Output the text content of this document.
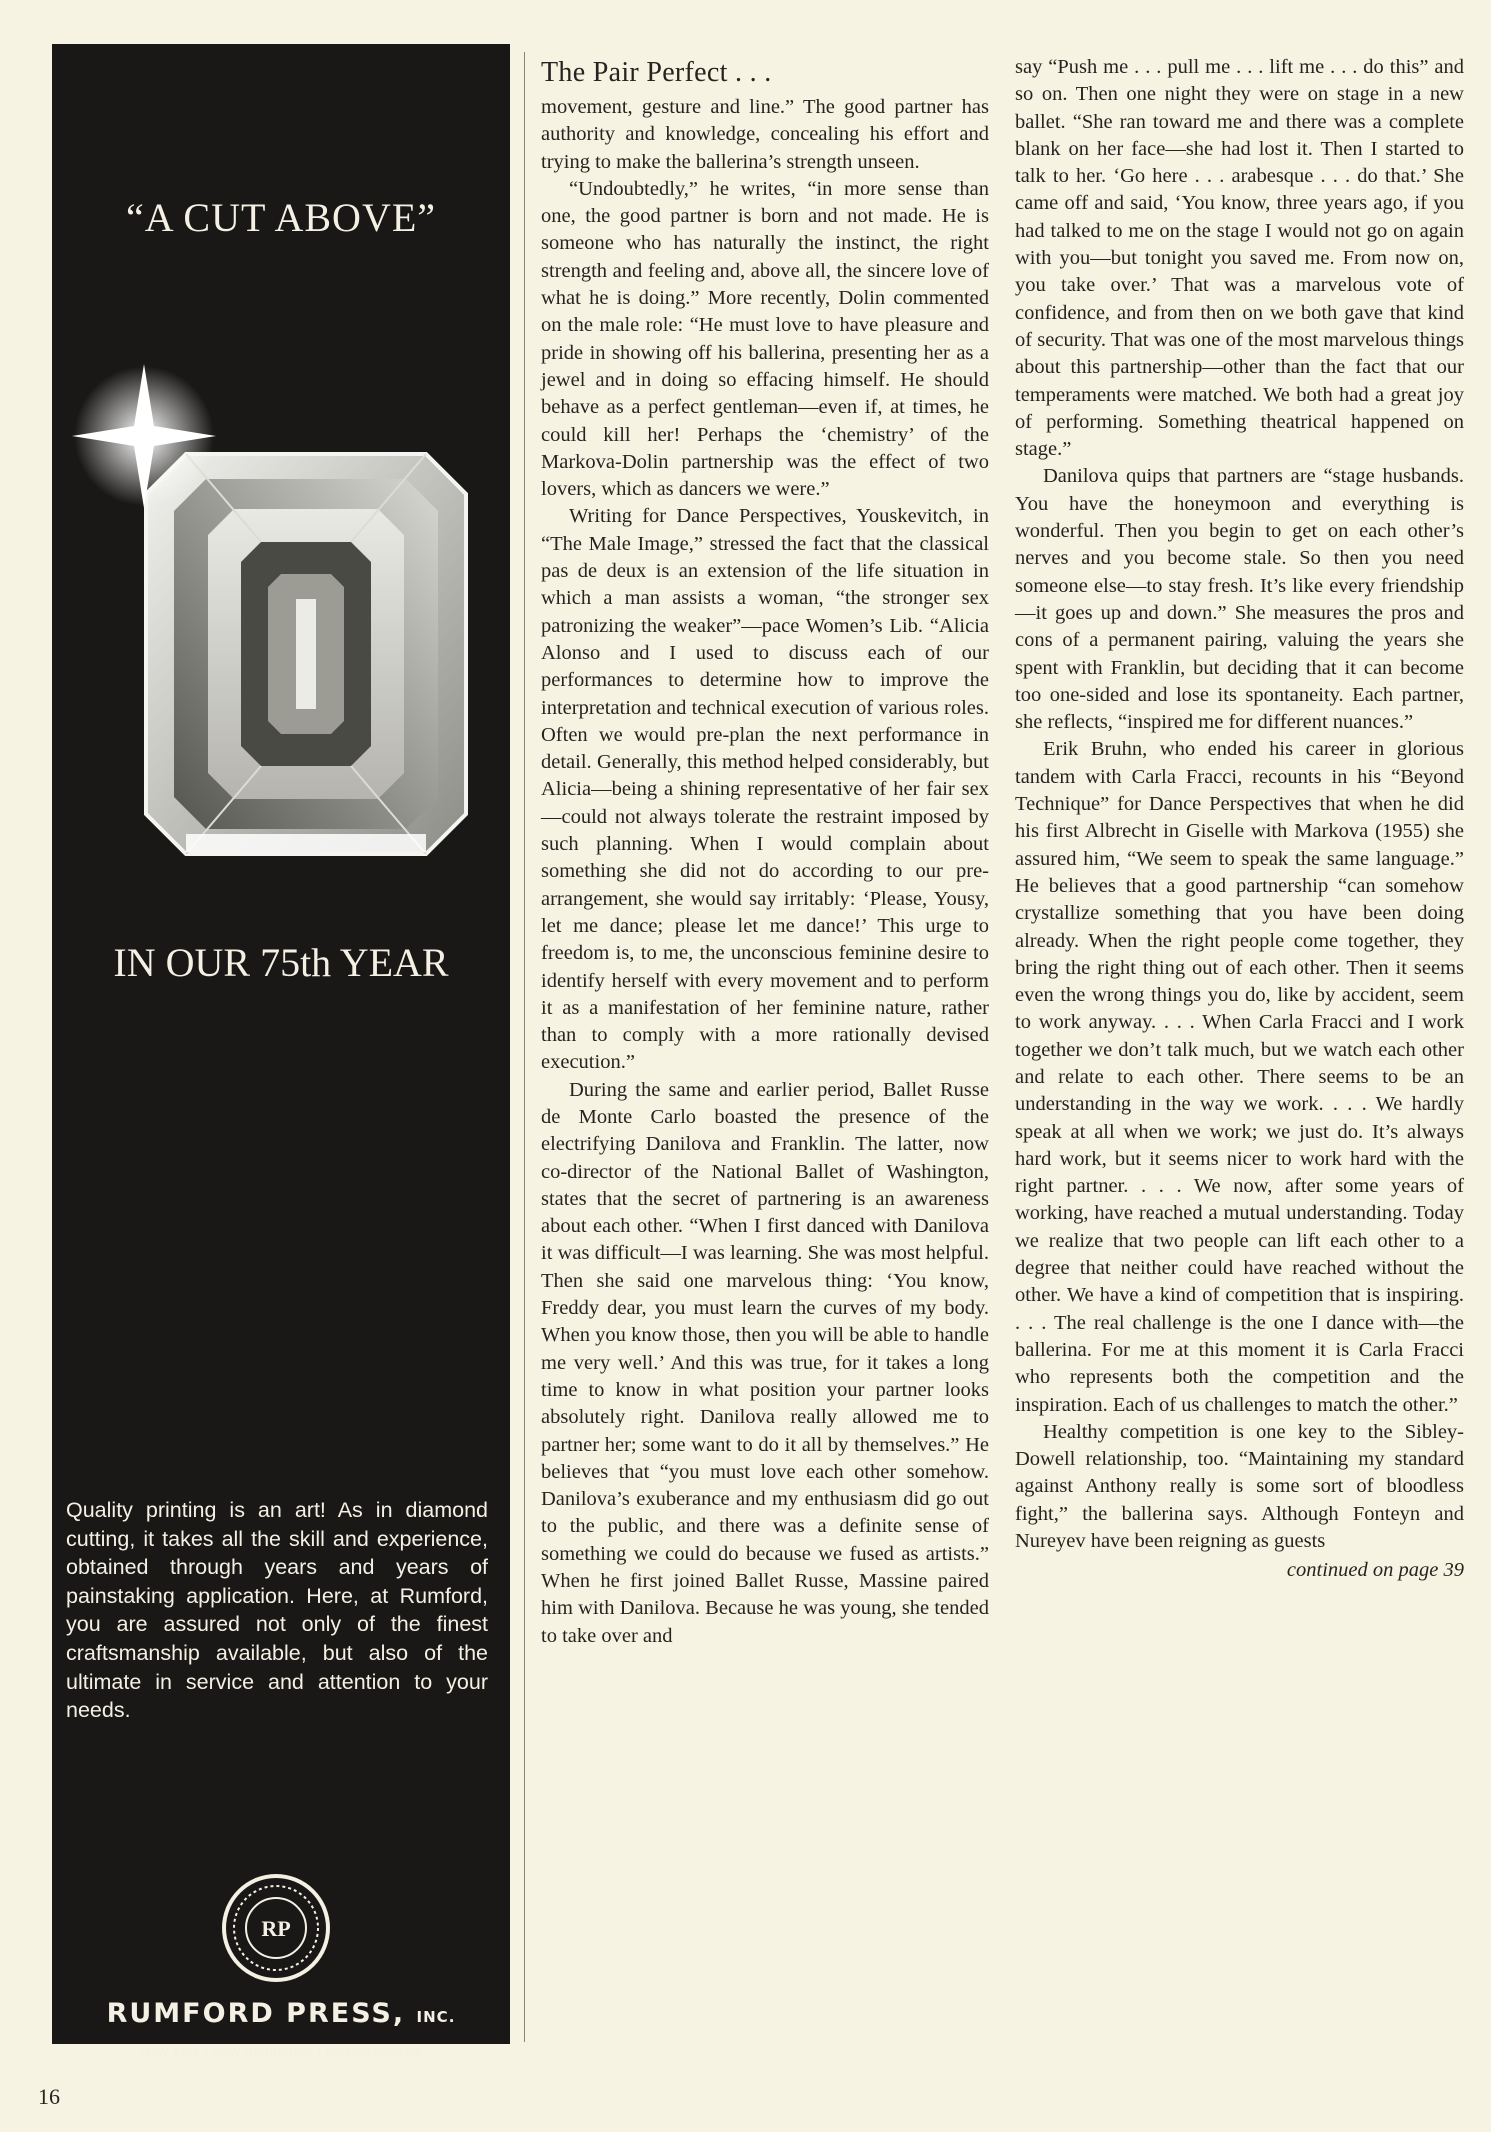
“A CUT ABOVE”
IN OUR 75th YEAR
Quality printing is an art! As in diamond cutting, it takes all the skill and experience, obtained through years and years of painstaking application. Here, at Rumford, you are assured not only of the finest craftsmanship available, but also of the ultimate in service and attention to your needs.
RP
RUMFORD PRESS, INC.
New York / New Hampshire / Massachusetts
The Pair Perfect . . .

movement, gesture and line.” The good partner has authority and knowledge, concealing his effort and trying to make the ballerina’s strength unseen.

“Undoubtedly,” he writes, “in more sense than one, the good partner is born and not made. He is someone who has naturally the instinct, the right strength and feeling and, above all, the sincere love of what he is doing.” More recently, Dolin commented on the male role: “He must love to have pleasure and pride in showing off his ballerina, presenting her as a jewel and in doing so effacing himself. He should behave as a perfect gentleman—even if, at times, he could kill her! Perhaps the ‘chemistry’ of the Markova-Dolin partnership was the effect of two lovers, which as dancers we were.”

Writing for Dance Perspectives, Youskevitch, in “The Male Image,” stressed the fact that the classical pas de deux is an extension of the life situation in which a man assists a woman, “the stronger sex patronizing the weaker”—pace Women’s Lib. “Alicia Alonso and I used to discuss each of our performances to determine how to improve the interpretation and technical execution of various roles. Often we would pre-plan the next performance in detail. Generally, this method helped considerably, but Alicia—being a shining representative of her fair sex—could not always tolerate the restraint imposed by such planning. When I would complain about something she did not do according to our pre-arrangement, she would say irritably: ‘Please, Yousy, let me dance; please let me dance!’ This urge to freedom is, to me, the unconscious feminine desire to identify herself with every movement and to perform it as a manifestation of her feminine nature, rather than to comply with a more rationally devised execution.”

During the same and earlier period, Ballet Russe de Monte Carlo boasted the presence of the electrifying Danilova and Franklin. The latter, now co-director of the National Ballet of Washington, states that the secret of partnering is an awareness about each other. “When I first danced with Danilova it was difficult—I was learning. She was most helpful. Then she said one marvelous thing: ‘You know, Freddy dear, you must learn the curves of my body. When you know those, then you will be able to handle me very well.’ And this was true, for it takes a long time to know in what position your partner looks absolutely right. Danilova really allowed me to partner her; some want to do it all by themselves.” He believes that “you must love each other somehow. Danilova’s exuberance and my enthusiasm did go out to the public, and there was a definite sense of something we could do because we fused as artists.” When he first joined Ballet Russe, Massine paired him with Danilova. Because he was young, she tended to take over and

say “Push me . . . pull me . . . lift me . . . do this” and so on. Then one night they were on stage in a new ballet. “She ran toward me and there was a complete blank on her face—she had lost it. Then I started to talk to her. ‘Go here . . . arabesque . . . do that.’ She came off and said, ‘You know, three years ago, if you had talked to me on the stage I would not go on again with you—but tonight you saved me. From now on, you take over.’ That was a marvelous vote of confidence, and from then on we both gave that kind of security. That was one of the most marvelous things about this partnership—other than the fact that our temperaments were matched. We both had a great joy of performing. Something theatrical happened on stage.”

Danilova quips that partners are “stage husbands. You have the honeymoon and everything is wonderful. Then you begin to get on each other’s nerves and you become stale. So then you need someone else—to stay fresh. It’s like every friendship—it goes up and down.” She measures the pros and cons of a permanent pairing, valuing the years she spent with Franklin, but deciding that it can become too one-sided and lose its spontaneity. Each partner, she reflects, “inspired me for different nuances.”

Erik Bruhn, who ended his career in glorious tandem with Carla Fracci, recounts in his “Beyond Technique” for Dance Perspectives that when he did his first Albrecht in Giselle with Markova (1955) she assured him, “We seem to speak the same language.” He believes that a good partnership “can somehow crystallize something that you have been doing already. When the right people come together, they bring the right thing out of each other. Then it seems even the wrong things you do, like by accident, seem to work anyway. . . . When Carla Fracci and I work together we don’t talk much, but we watch each other and relate to each other. There seems to be an understanding in the way we work. . . . We hardly speak at all when we work; we just do. It’s always hard work, but it seems nicer to work hard with the right partner. . . . We now, after some years of working, have reached a mutual understanding. Today we realize that two people can lift each other to a degree that neither could have reached without the other. We have a kind of competition that is inspiring. . . . The real challenge is the one I dance with—the ballerina. For me at this moment it is Carla Fracci who represents both the competition and the inspiration. Each of us challenges to match the other.”

Healthy competition is one key to the Sibley-Dowell relationship, too. “Maintaining my standard against Anthony really is some sort of bloodless fight,” the ballerina says. Although Fonteyn and Nureyev have been reigning as guests

continued on page 39
16
